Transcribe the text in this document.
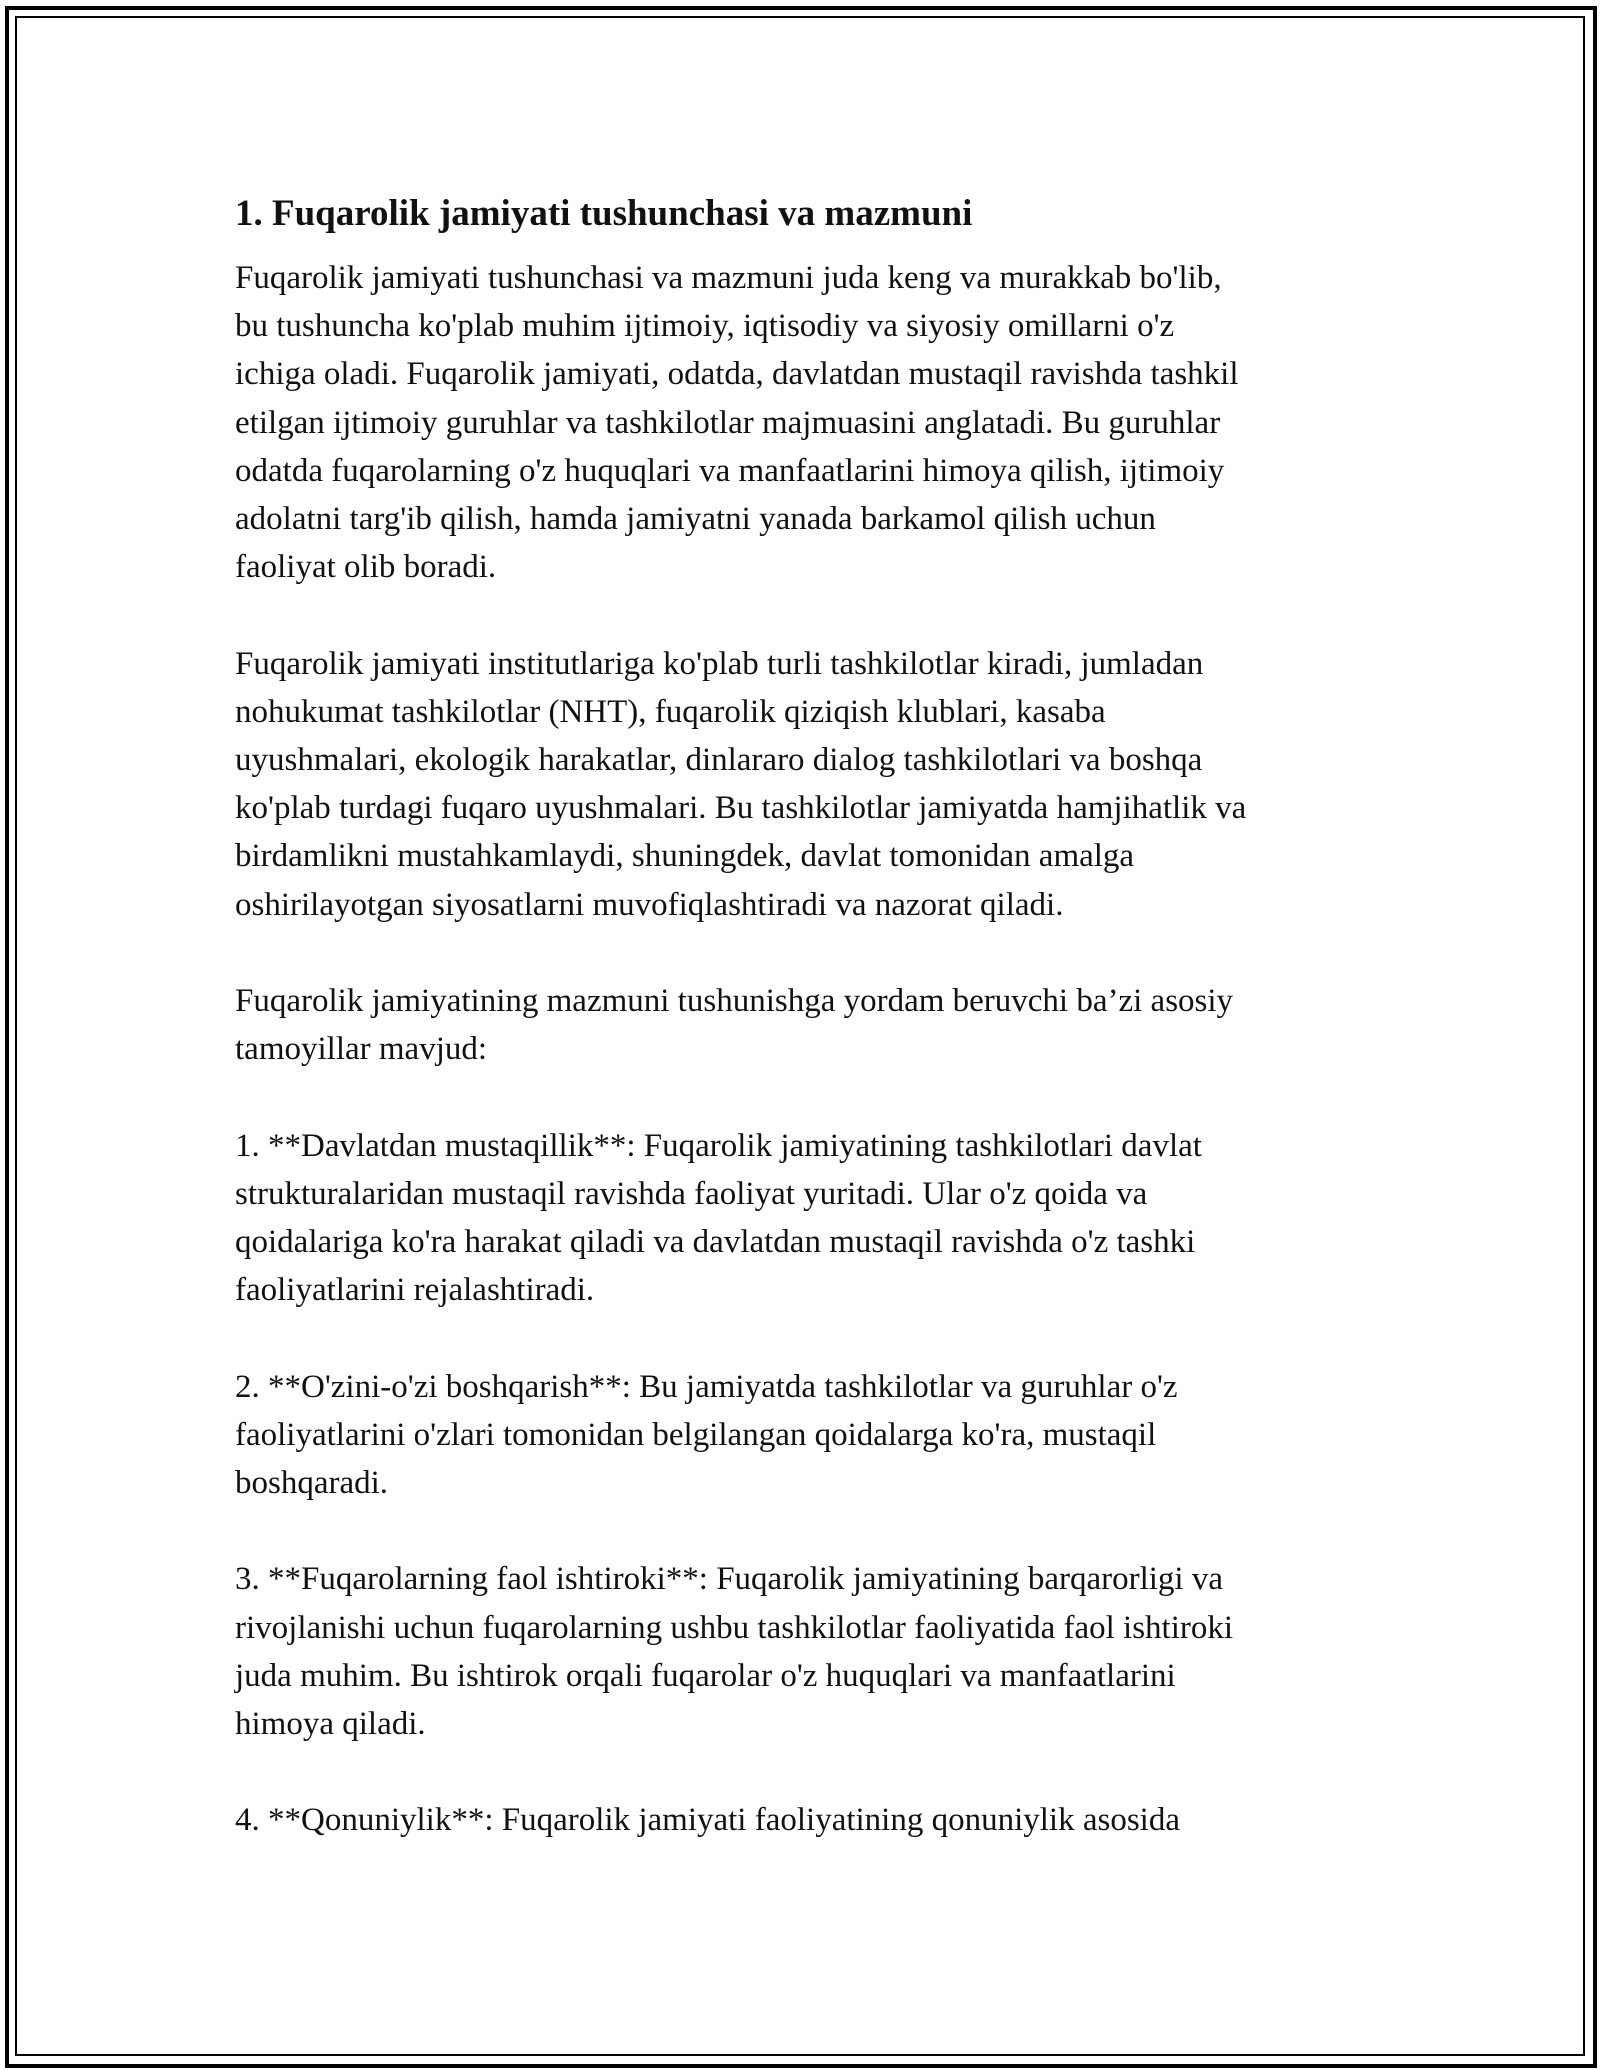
1. Fuqarolik jamiyati tushunchasi va mazmuni

Fuqarolik jamiyati tushunchasi va mazmuni juda keng va murakkab bo'lib,
bu tushuncha ko'plab muhim ijtimoiy, iqtisodiy va siyosiy omillarni o'z
ichiga oladi. Fuqarolik jamiyati, odatda, davlatdan mustaqil ravishda tashkil
etilgan ijtimoiy guruhlar va tashkilotlar majmuasini anglatadi. Bu guruhlar
odatda fuqarolarning o'z huquqlari va manfaatlarini himoya qilish, ijtimoiy
adolatni targ'ib qilish, hamda jamiyatni yanada barkamol qilish uchun
faoliyat olib boradi.

Fuqarolik jamiyati institutlariga ko'plab turli tashkilotlar kiradi, jumladan
nohukumat tashkilotlar (NHT), fuqarolik qiziqish klublari, kasaba
uyushmalari, ekologik harakatlar, dinlararo dialog tashkilotlari va boshqa
ko'plab turdagi fuqaro uyushmalari. Bu tashkilotlar jamiyatda hamjihatlik va
birdamlikni mustahkamlaydi, shuningdek, davlat tomonidan amalga
oshirilayotgan siyosatlarni muvofiqlashtiradi va nazorat qiladi.

Fuqarolik jamiyatining mazmuni tushunishga yordam beruvchi ba’zi asosiy
tamoyillar mavjud:

1. **Davlatdan mustaqillik**: Fuqarolik jamiyatining tashkilotlari davlat
strukturalaridan mustaqil ravishda faoliyat yuritadi. Ular o'z qoida va
qoidalariga ko'ra harakat qiladi va davlatdan mustaqil ravishda o'z tashki
faoliyatlarini rejalashtiradi.

2. **O'zini-o'zi boshqarish**: Bu jamiyatda tashkilotlar va guruhlar o'z
faoliyatlarini o'zlari tomonidan belgilangan qoidalarga ko'ra, mustaqil
boshqaradi.

3. **Fuqarolarning faol ishtiroki**: Fuqarolik jamiyatining barqarorligi va
rivojlanishi uchun fuqarolarning ushbu tashkilotlar faoliyatida faol ishtiroki
juda muhim. Bu ishtirok orqali fuqarolar o'z huquqlari va manfaatlarini
himoya qiladi.

4. **Qonuniylik**: Fuqarolik jamiyati faoliyatining qonuniylik asosida
